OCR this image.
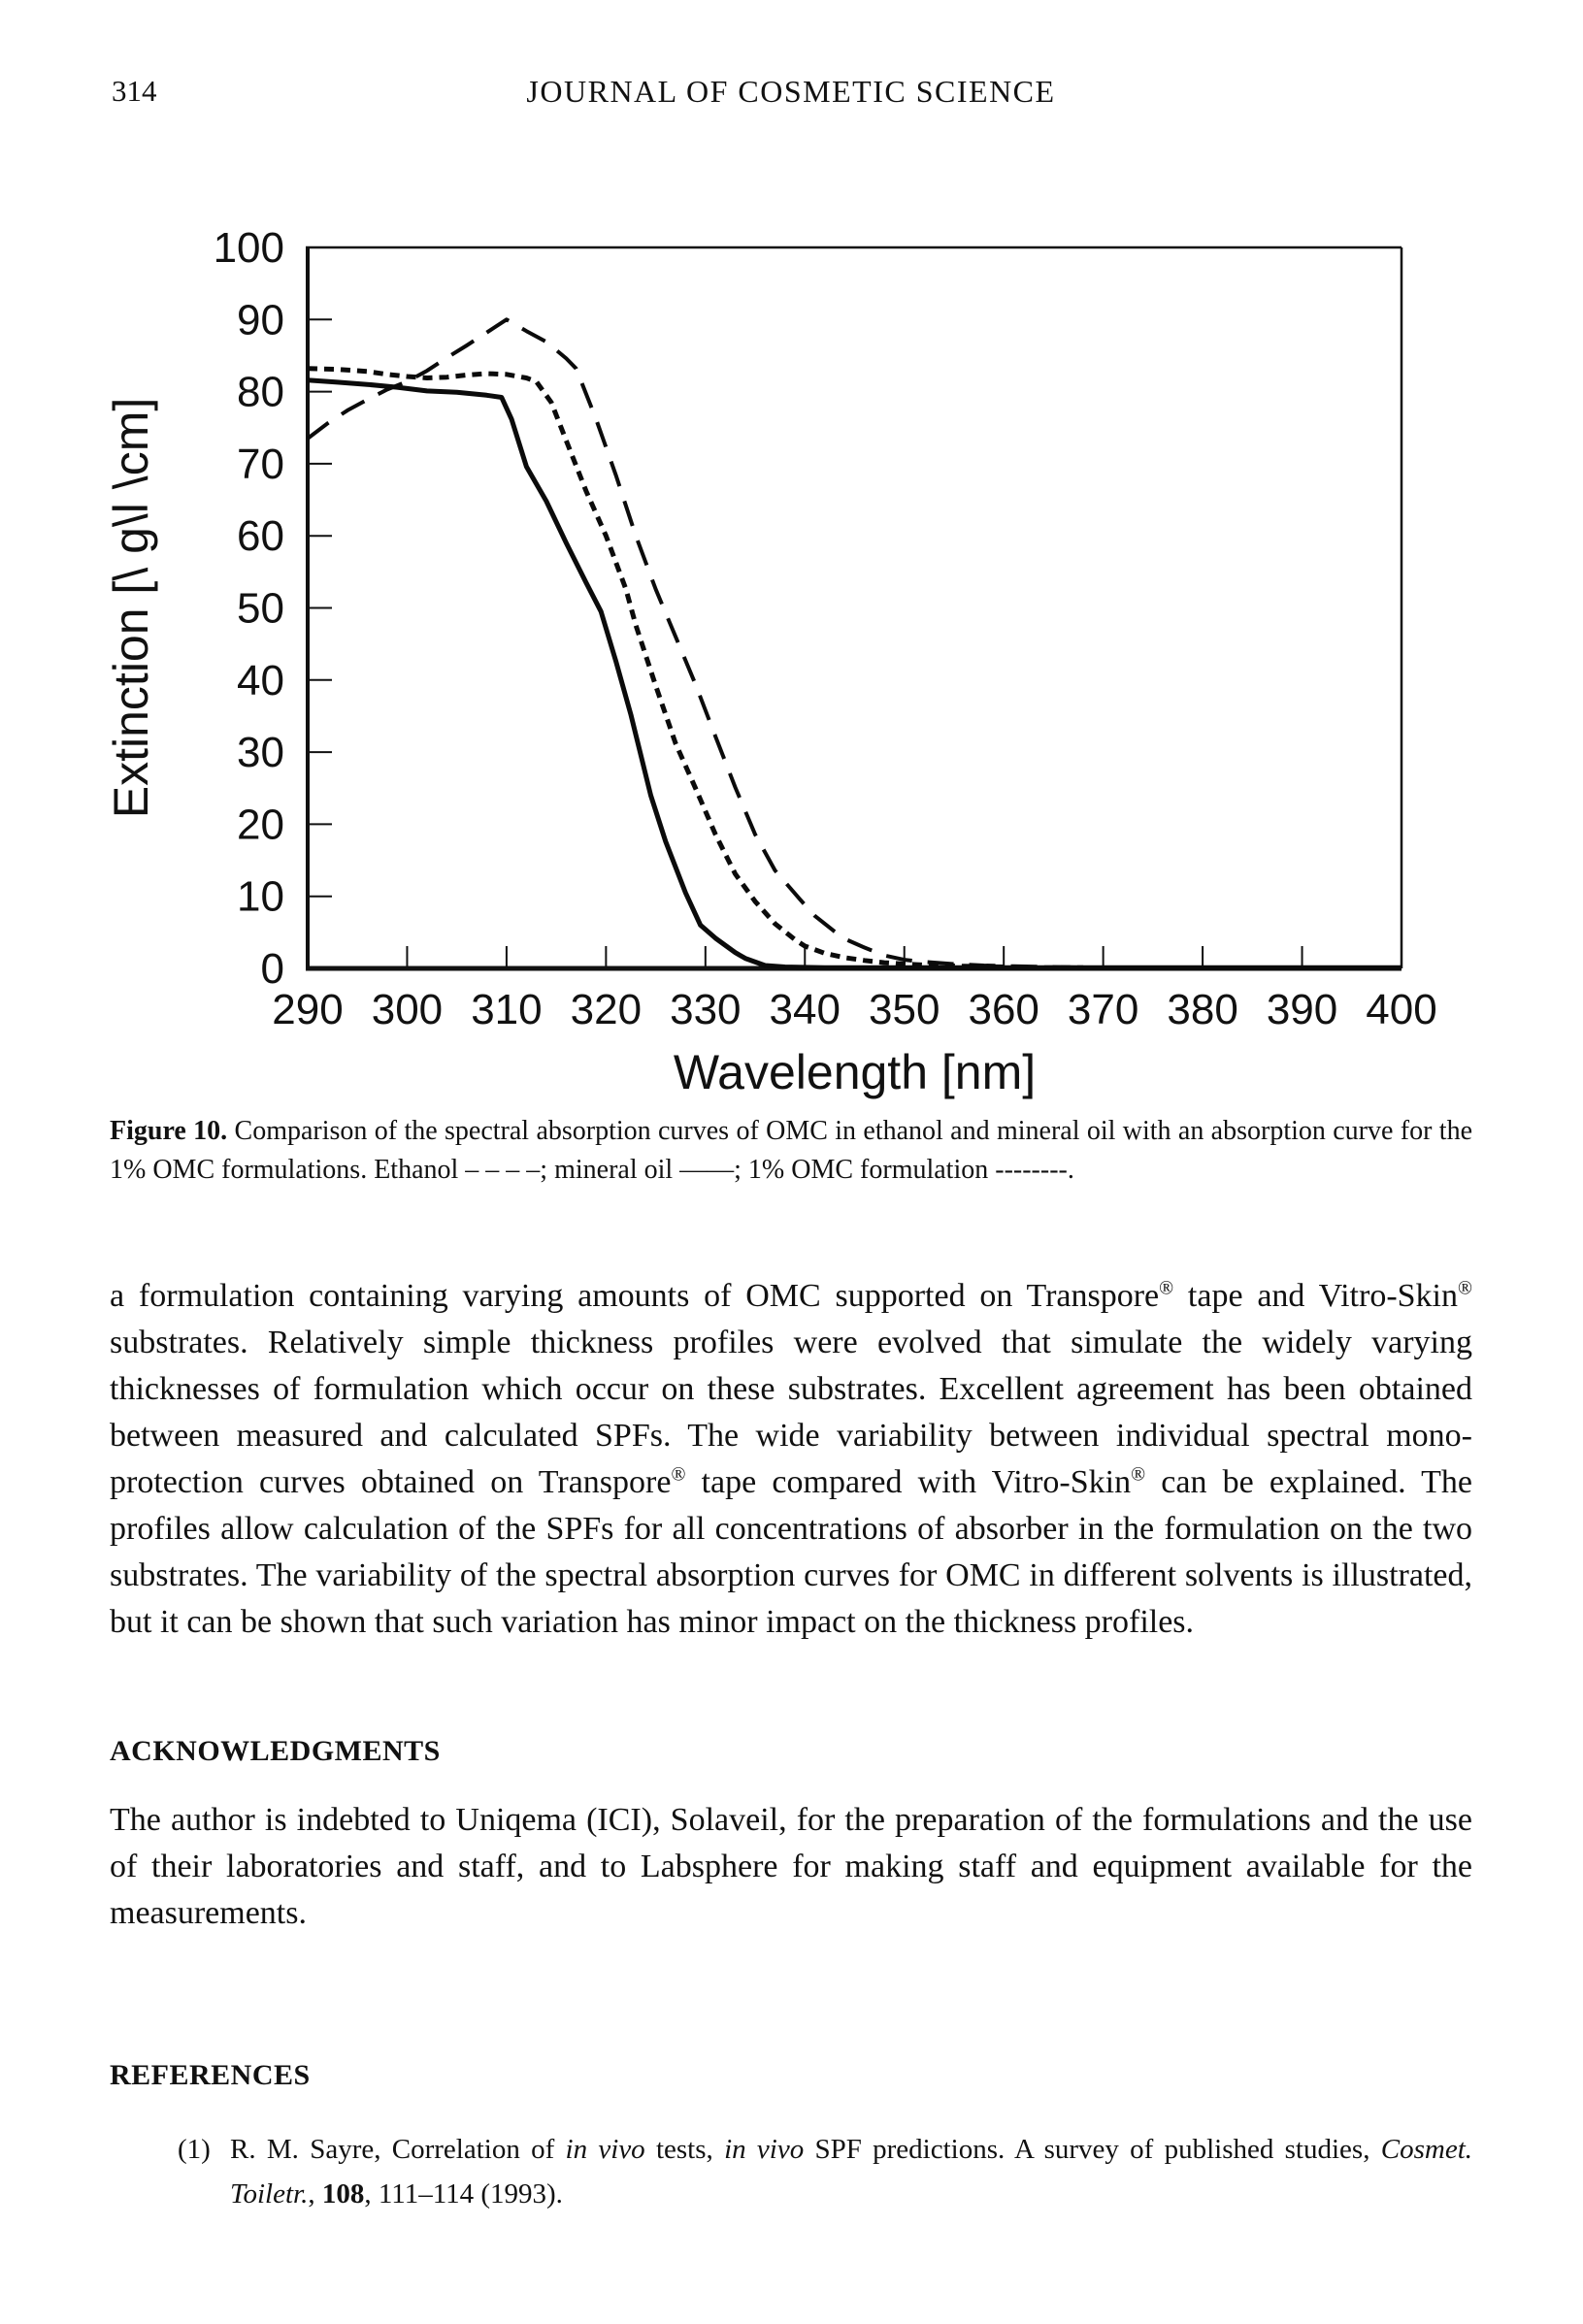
314	JOURNAL OF COSMETIC SCIENCE
290 300 310 320 330 340 350 360 370 380 390 400
0
10
20
30
40
50
60
70
80
90
100
Wavelength [nm]
Extinction [\ g\l \cm]
Figure 10. Comparison of the spectral absorption curves of OMC in ethanol and mineral oil with an absorption curve for the 1% OMC formulations. Ethanol – – – –; mineral oil ——; 1% OMC formulation --------.
a formulation containing varying amounts of OMC supported on Transpore® tape and Vitro-Skin® substrates. Relatively simple thickness profiles were evolved that simulate the widely varying thicknesses of formulation which occur on these substrates. Excellent agreement has been obtained between measured and calculated SPFs. The wide variability between individual spectral mono-protection curves obtained on Transpore® tape compared with Vitro-Skin® can be explained. The profiles allow calculation of the SPFs for all concentrations of absorber in the formulation on the two substrates. The variability of the spectral absorption curves for OMC in different solvents is illustrated, but it can be shown that such variation has minor impact on the thickness profiles.
ACKNOWLEDGMENTS
The author is indebted to Uniqema (ICI), Solaveil, for the preparation of the formulations and the use of their laboratories and staff, and to Labsphere for making staff and equipment available for the measurements.
REFERENCES
(1) R. M. Sayre, Correlation of in vivo tests, in vivo SPF predictions. A survey of published studies, Cosmet. Toiletr., 108, 111–114 (1993).
